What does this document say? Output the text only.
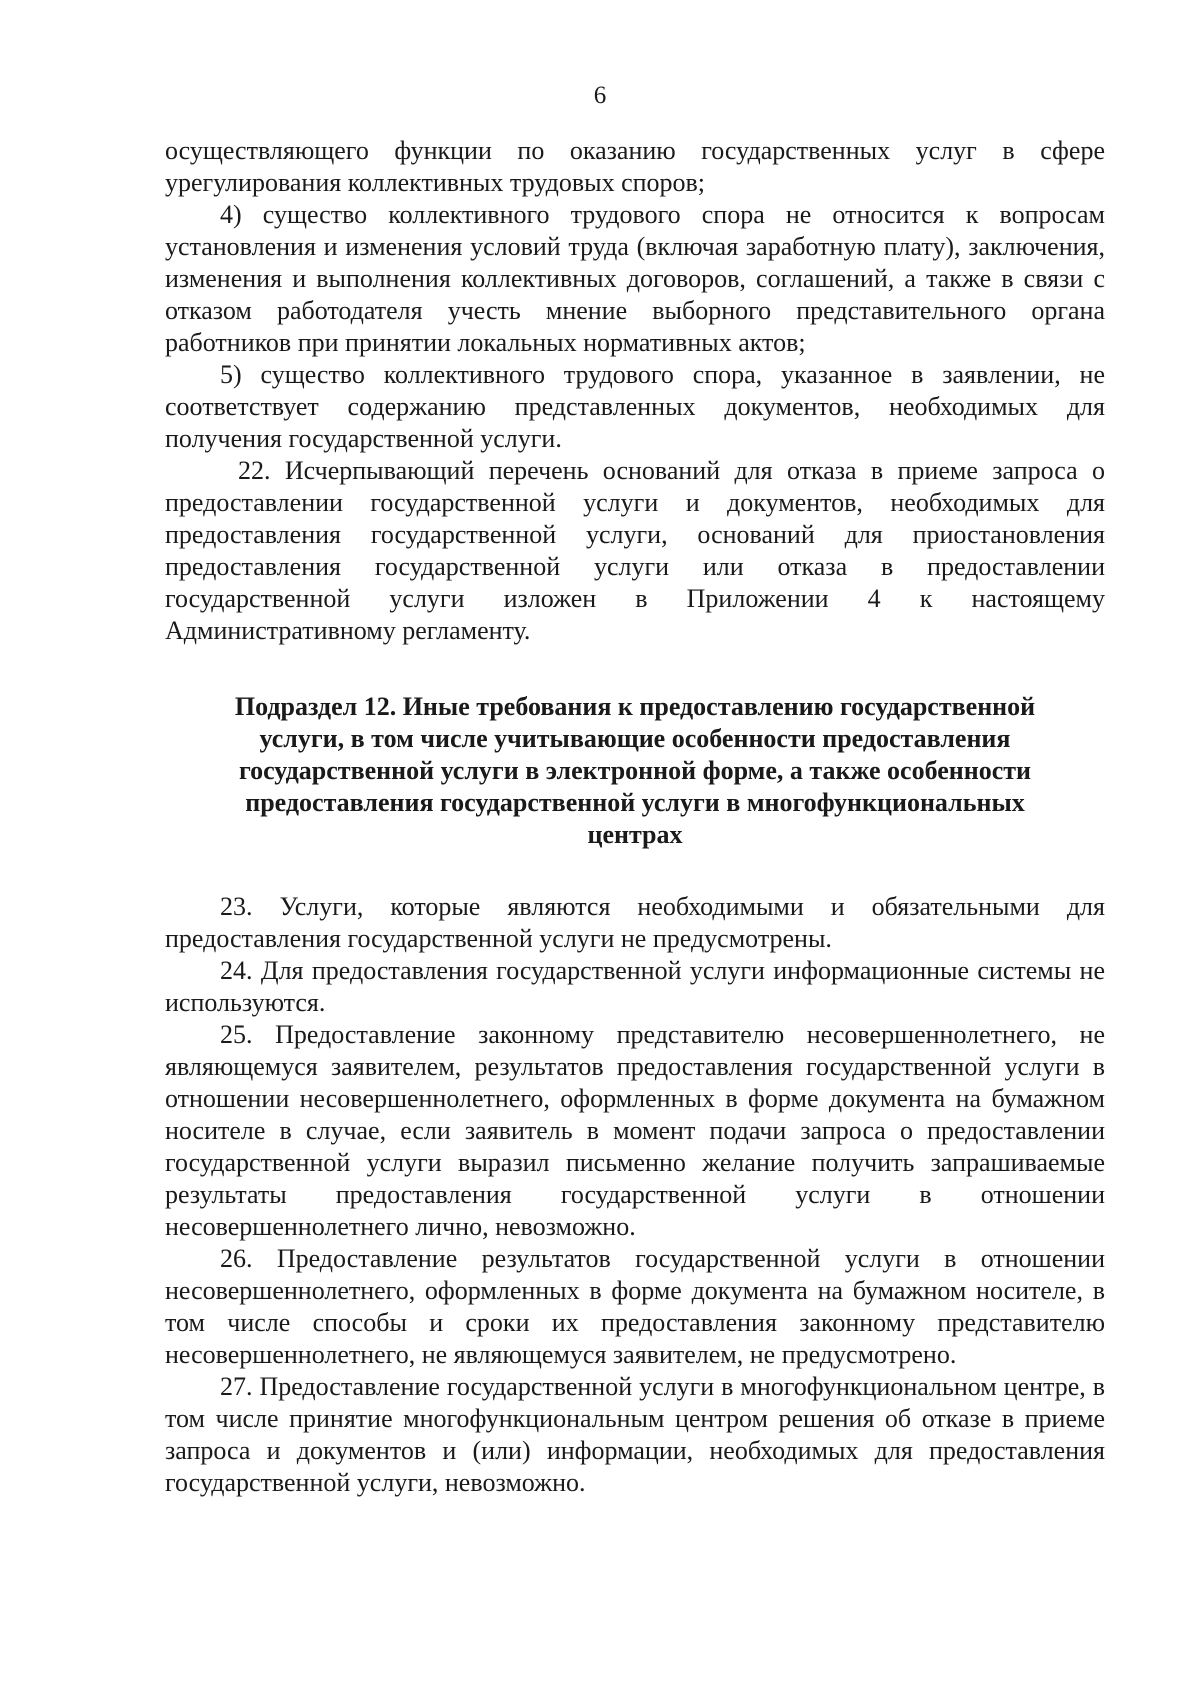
6

осуществляющего функции по оказанию государственных услуг в сфере урегулирования коллективных трудовых споров;

4) существо коллективного трудового спора не относится к вопросам установления и изменения условий труда (включая заработную плату), заключения, изменения и выполнения коллективных договоров, соглашений, а также в связи с отказом работодателя учесть мнение выборного представительного органа работников при принятии локальных нормативных актов;

5) существо коллективного трудового спора, указанное в заявлении, не соответствует содержанию представленных документов, необходимых для получения государственной услуги.

22. Исчерпывающий перечень оснований для отказа в приеме запроса о предоставлении государственной услуги и документов, необходимых для предоставления государственной услуги, оснований для приостановления предоставления государственной услуги или отказа в предоставлении государственной услуги изложен в Приложении 4 к настоящему Административному регламенту.

Подраздел 12. Иные требования к предоставлению государственной услуги, в том числе учитывающие особенности предоставления государственной услуги в электронной форме, а также особенности предоставления государственной услуги в многофункциональных центрах

23. Услуги, которые являются необходимыми и обязательными для предоставления государственной услуги не предусмотрены.

24. Для предоставления государственной услуги информационные системы не используются.

25. Предоставление законному представителю несовершеннолетнего, не являющемуся заявителем, результатов предоставления государственной услуги в отношении несовершеннолетнего, оформленных в форме документа на бумажном носителе в случае, если заявитель в момент подачи запроса о предоставлении государственной услуги выразил письменно желание получить запрашиваемые результаты предоставления государственной услуги в отношении несовершеннолетнего лично, невозможно.

26. Предоставление результатов государственной услуги в отношении несовершеннолетнего, оформленных в форме документа на бумажном носителе, в том числе способы и сроки их предоставления законному представителю несовершеннолетнего, не являющемуся заявителем, не предусмотрено.

27. Предоставление государственной услуги в многофункциональном центре, в том числе принятие многофункциональным центром решения об отказе в приеме запроса и документов и (или) информации, необходимых для предоставления государственной услуги, невозможно.
